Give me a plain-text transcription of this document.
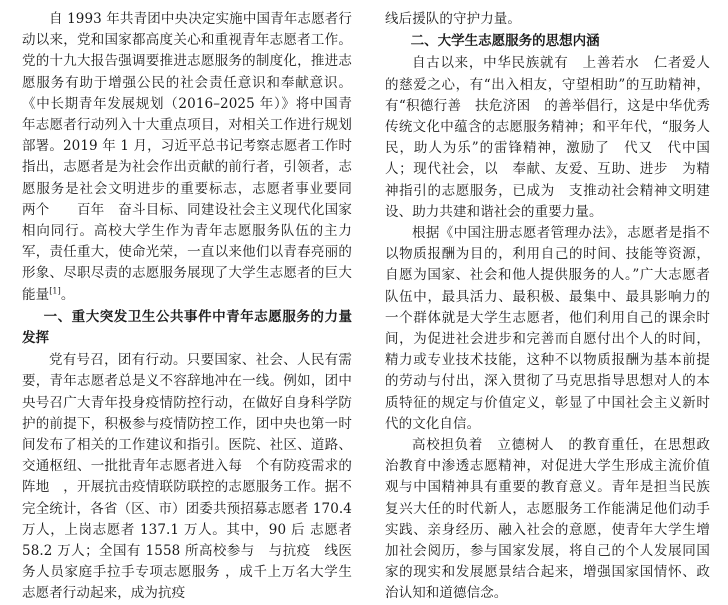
自 1993 年共青团中央决定实施中国青年志愿者行动以来，党和国家都高度关心和重视青年志愿者工作。党的十九大报告强调要推进志愿服务的制度化，推进志愿服务有助于增强公民的社会责任意识和奉献意识。《中长期青年发展规划（2016–2025 年）》将中国青年志愿者行动列入十大重点项目，对相关工作进行规划部署。2019 年 1 月，习近平总书记考察志愿者工作时指出，志愿者是为社会作出贡献的前行者，引领者，志愿服务是社会文明进步的重要标志，志愿者事业要同　两个　　百年　奋斗目标、同建设社会主义现代化国家相向同行。高校大学生作为青年志愿服务队伍的主力军，责任重大，使命光荣，一直以来他们以青春亮丽的形象、尽职尽责的志愿服务展现了大学生志愿者的巨大能量[1]。

一、重大突发卫生公共事件中青年志愿服务的力量发挥

党有号召，团有行动。只要国家、社会、人民有需要，青年志愿者总是义不容辞地冲在一线。例如，团中央号召广大青年投身疫情防控行动，在做好自身科学防护的前提下，积极参与疫情防控工作，团中央也第一时间发布了相关的工作建议和指引。医院、社区、道路、交通枢纽、一批批青年志愿者进入每　个有防疫需求的　阵地　，开展抗击疫情联防联控的志愿服务工作。据不完全统计，各省（区、市）团委共预招募志愿者 170.4 万人，上岗志愿者 137.1 万人。其中，90 后 志愿者 58.2 万人；全国有 1558 所高校参与　与抗疫　线医务人员家庭手拉手专项志愿服务 ，成千上万名大学生志愿者行动起来，成为抗疫

线后援队的守护力量。

二、大学生志愿服务的思想内涵

自古以来，中华民族就有　上善若水　仁者爱人　的慈爱之心，有“出入相友，守望相助”的互助精神，有“积德行善　扶危济困　的善举倡行，这是中华优秀传统文化中蕴含的志愿服务精神；和平年代，“服务人民，助人为乐”的雷锋精神，激励了　代又　代中国人；现代社会，以　奉献、友爱、互助、进步　为精神指引的志愿服务，已成为　支推动社会精神文明建设、助力共建和谐社会的重要力量。

根据《中国注册志愿者管理办法》，志愿者是指不以物质报酬为目的，利用自己的时间、技能等资源，自愿为国家、社会和他人提供服务的人。”广大志愿者队伍中，最具活力、最积极、最集中、最具影响力的一个群体就是大学生志愿者，他们利用自己的课余时间，为促进社会进步和完善而自愿付出个人的时间，精力或专业技术技能，这种不以物质报酬为基本前提的劳动与付出，深入贯彻了马克思指导思想对人的本质特征的规定与价值定义，彰显了中国社会主义新时代的文化自信。

高校担负着　立德树人　的教育重任，在思想政治教育中渗透志愿精神，对促进大学生形成主流价值观与中国精神具有重要的教育意义。青年是担当民族复兴大任的时代新人，志愿服务工作能满足他们动手实践、亲身经历、融入社会的意愿，使青年大学生增加社会阅历，参与国家发展，将自己的个人发展同国家的现实和发展愿景结合起来，增强国家国情怀、政治认知和道德信念。
